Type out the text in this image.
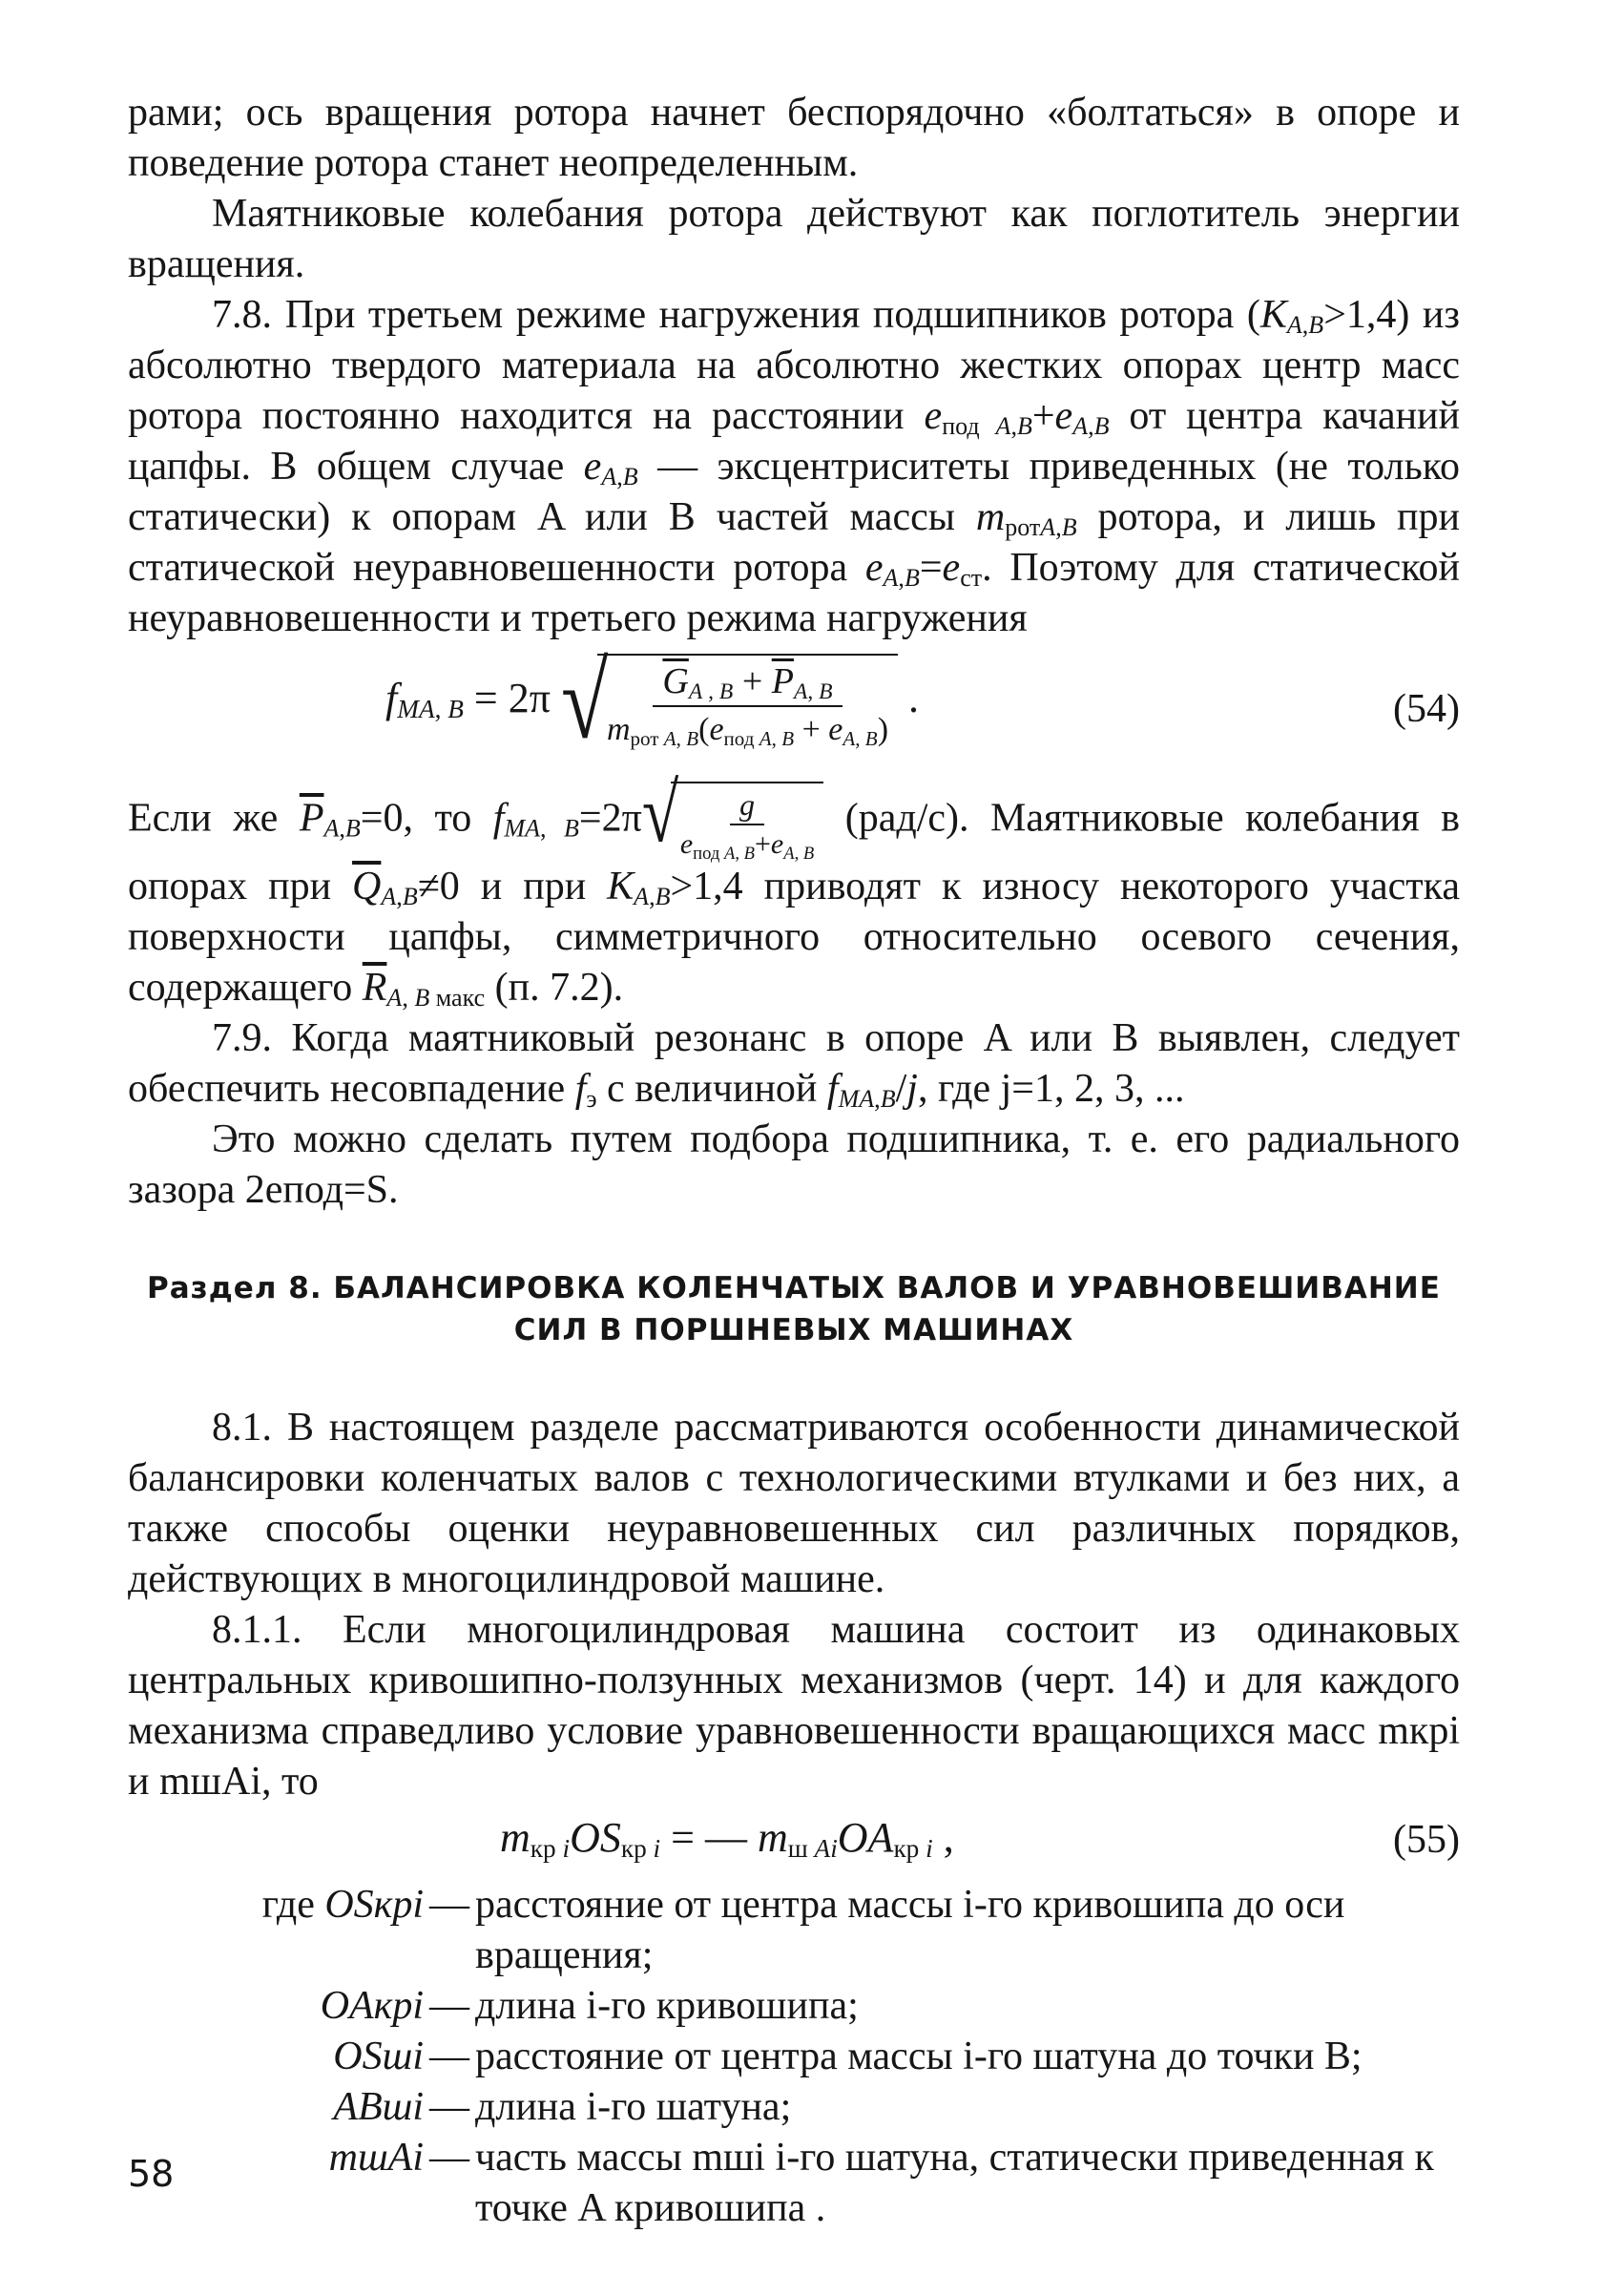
рами; ось вращения ротора начнет беспорядочно «болтаться» в опоре и поведение ротора станет неопределенным.

Маятниковые колебания ротора действуют как поглотитель энергии вращения.

7.8. При третьем режиме нагружения подшипников ротора $(K_{A,B}>1,4)$ из абсолютно твердого материала на абсолютно жестких опорах центр масс ротора постоянно находится на расстоянии $e_{под A,B}+e_{A,B}$ от центра качаний цапфы. В общем случае $e_{A,B}$ — эксцентриситеты приведенных (не только статически) к опорам A или B частей массы $m_{ротA,B}$ ротора, и лишь при статической неуравновешенности ротора $e_{A,B}=e_{ст}$. Поэтому для статической неуравновешенности и третьего режима нагружения

$f_{MA, B} = 2\pi$ √
$\frac{G_{A , B} + \overline{P}_{A, B}}{m_{рот A, B}(e_{под A, B} + e_{A, B})}$ .	(54)

Если же $\overline{P}_{A,B}=0$, то $f_{MA, B}=2\pi$ √
$\frac{g}{e_{под A, B}+e_{A, B}} (рад/с)$. Маятниковые колебания в опорах при $\overline{Q}_{A,B}\ne 0$ и при $K_{A,B}>1,4$ приводят к износу некоторого участка поверхности цапфы, симметричного относительно осевого сечения, содержащего $\overline{R}_{A, B макс}$ (п. 7.2).

7.9. Когда маятниковый резонанс в опоре A или B выявлен, следует обеспечить несовпадение $f_э$ с величиной $f_{MA,B}/j$, где j=1, 2, 3, ...

Это можно сделать путем подбора подшипника, т. е. его радиального зазора 2eпод=S.

Раздел 8. БАЛАНСИРОВКА КОЛЕНЧАТЫХ ВАЛОВ И УРАВНОВЕШИВАНИЕ
СИЛ В ПОРШНЕВЫХ МАШИНАХ

8.1. В настоящем разделе рассматриваются особенности динамической балансировки коленчатых валов с технологическими втулками и без них, а также способы оценки неуравновешенных сил различных порядков, действующих в многоцилиндровой машине.

8.1.1. Если многоцилиндровая машина состоит из одинаковых центральных кривошипно-ползунных механизмов (черт. 14) и для каждого механизма справедливо условие уравновешенности вращающихся масс mкрi и mшAi, то

$m_{кр i}OS_{кр i}$ = — $m_{ш Ai}OA_{кр i}$ ,	(55)
где OSкрi — расстояние от центра массы i-го кривошипа до оси вращения;
OAкрi — длина i-го кривошипа;
OSшi — расстояние от центра массы i-го шатуна до точки B;
ABшi — длина i-го шатуна;
mшAi — часть массы mшi i-го шатуна, статически приведенная к точке A кривошипа .
58
